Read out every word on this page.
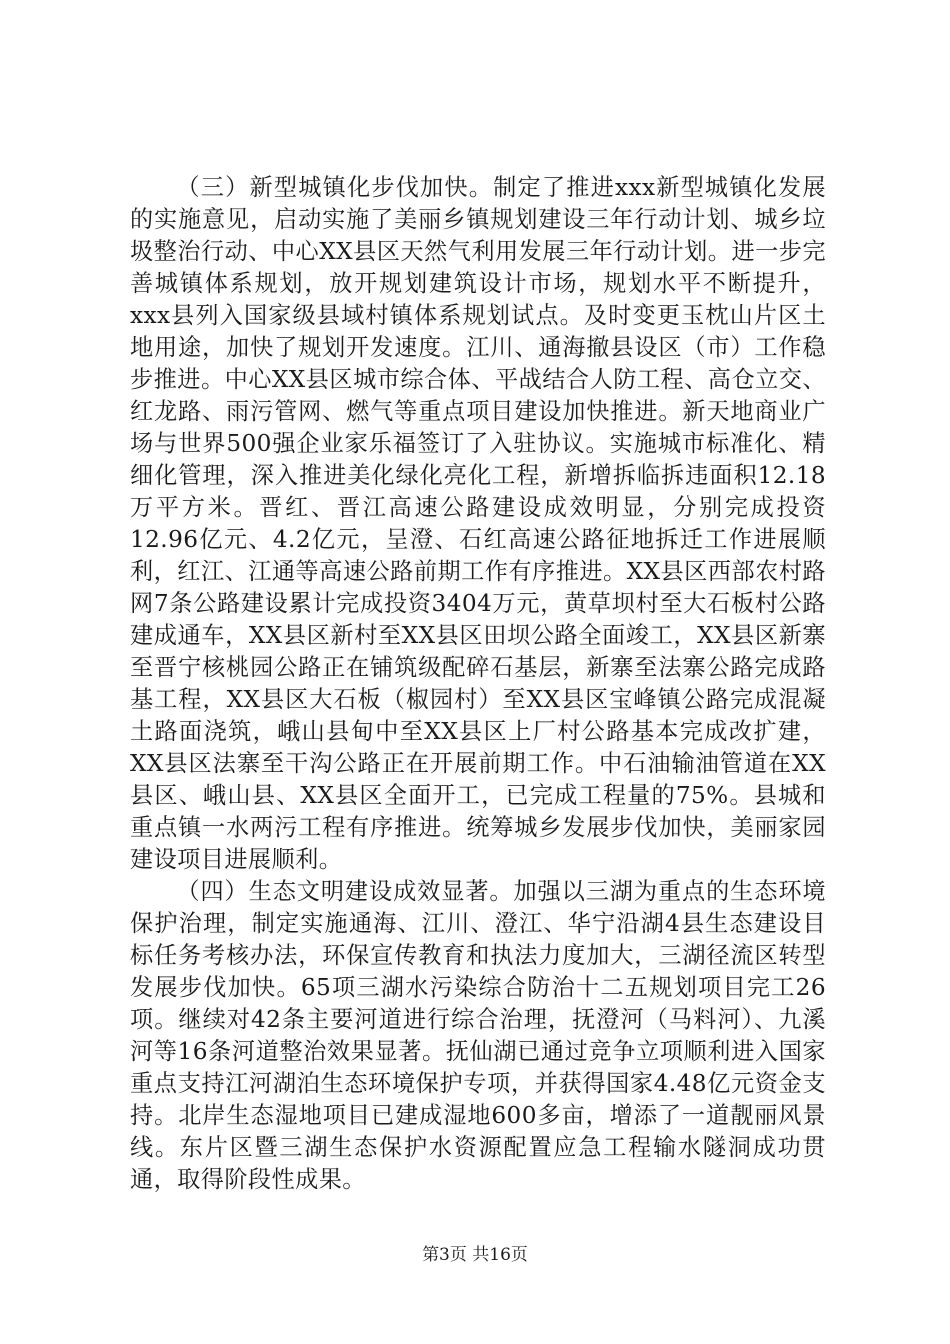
（三）新型城镇化步伐加快。制定了推进xxx新型城镇化发展的实施意见，启动实施了美丽乡镇规划建设三年行动计划、城乡垃圾整治行动、中心XX县区天然气利用发展三年行动计划。进一步完善城镇体系规划，放开规划建筑设计市场，规划水平不断提升，xxx县列入国家级县域村镇体系规划试点。及时变更玉枕山片区土地用途，加快了规划开发速度。江川、通海撤县设区（市）工作稳步推进。中心XX县区城市综合体、平战结合人防工程、高仓立交、红龙路、雨污管网、燃气等重点项目建设加快推进。新天地商业广场与世界500强企业家乐福签订了入驻协议。实施城市标准化、精细化管理，深入推进美化绿化亮化工程，新增拆临拆违面积12.18万平方米。晋红、晋江高速公路建设成效明显，分别完成投资12.96亿元、4.2亿元，呈澄、石红高速公路征地拆迁工作进展顺利，红江、江通等高速公路前期工作有序推进。XX县区西部农村路网7条公路建设累计完成投资3404万元，黄草坝村至大石板村公路建成通车，XX县区新村至XX县区田坝公路全面竣工，XX县区新寨至晋宁核桃园公路正在铺筑级配碎石基层，新寨至法寨公路完成路基工程，XX县区大石板（椒园村）至XX县区宝峰镇公路完成混凝土路面浇筑，峨山县甸中至XX县区上厂村公路基本完成改扩建，XX县区法寨至干沟公路正在开展前期工作。中石油输油管道在XX县区、峨山县、XX县区全面开工，已完成工程量的75%。县城和重点镇一水两污工程有序推进。统筹城乡发展步伐加快，美丽家园建设项目进展顺利。

（四）生态文明建设成效显著。加强以三湖为重点的生态环境保护治理，制定实施通海、江川、澄江、华宁沿湖4县生态建设目标任务考核办法，环保宣传教育和执法力度加大，三湖径流区转型发展步伐加快。65项三湖水污染综合防治十二五规划项目完工26项。继续对42条主要河道进行综合治理，抚澄河（马料河）、九溪河等16条河道整治效果显著。抚仙湖已通过竞争立项顺利进入国家重点支持江河湖泊生态环境保护专项，并获得国家4.48亿元资金支持。北岸生态湿地项目已建成湿地600多亩，增添了一道靓丽风景线。东片区暨三湖生态保护水资源配置应急工程输水隧洞成功贯通，取得阶段性成果。

第3页 共16页
